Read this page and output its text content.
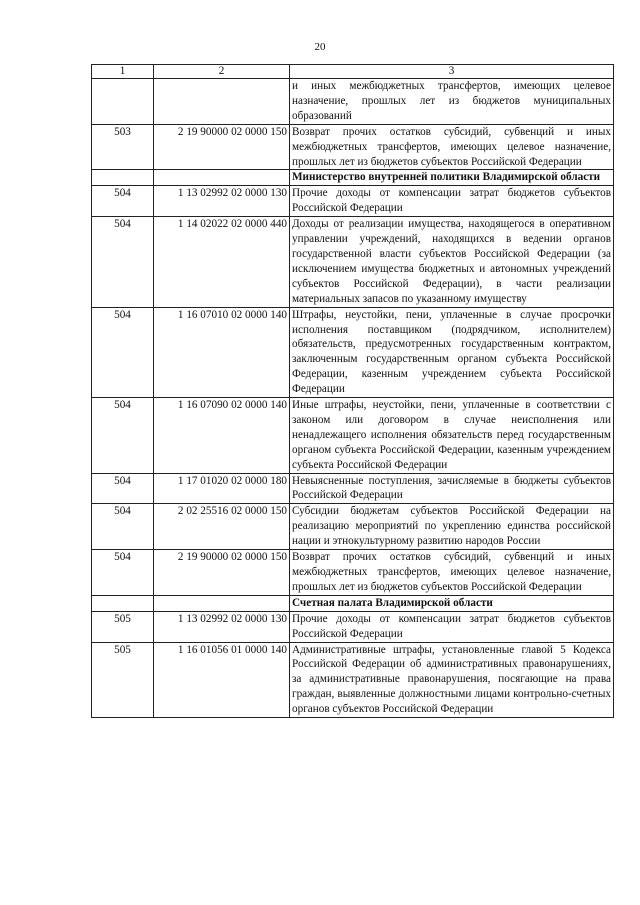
20
1	2	3
		и иных межбюджетных трансфертов, имеющих целевое назначение, прошлых лет из бюджетов муниципальных образований
503	2 19 90000 02 0000 150	Возврат прочих остатков субсидий, субвенций и иных межбюджетных трансфертов, имеющих целевое назначение, прошлых лет из бюджетов субъектов Российской Федерации
		Министерство внутренней политики Владимирской области
504	1 13 02992 02 0000 130	Прочие доходы от компенсации затрат бюджетов субъектов Российской Федерации
504	1 14 02022 02 0000 440	Доходы от реализации имущества, находящегося в оперативном управлении учреждений, находящихся в ведении органов государственной власти субъектов Российской Федерации (за исключением имущества бюджетных и автономных учреждений субъектов Российской Федерации), в части реализации материальных запасов по указанному имуществу
504	1 16 07010 02 0000 140	Штрафы, неустойки, пени, уплаченные в случае просрочки исполнения поставщиком (подрядчиком, исполнителем) обязательств, предусмотренных государственным контрактом, заключенным государственным органом субъекта Российской Федерации, казенным учреждением субъекта Российской Федерации
504	1 16 07090 02 0000 140	Иные штрафы, неустойки, пени, уплаченные в соответствии с законом или договором в случае неисполнения или ненадлежащего исполнения обязательств перед государственным органом субъекта Российской Федерации, казенным учреждением субъекта Российской Федерации
504	1 17 01020 02 0000 180	Невыясненные поступления, зачисляемые в бюджеты субъектов Российской Федерации
504	2 02 25516 02 0000 150	Субсидии бюджетам субъектов Российской Федерации на реализацию мероприятий по укреплению единства российской нации и этнокультурному развитию народов России
504	2 19 90000 02 0000 150	Возврат прочих остатков субсидий, субвенций и иных межбюджетных трансфертов, имеющих целевое назначение, прошлых лет из бюджетов субъектов Российской Федерации
		Счетная палата Владимирской области
505	1 13 02992 02 0000 130	Прочие доходы от компенсации затрат бюджетов субъектов Российской Федерации
505	1 16 01056 01 0000 140	Административные штрафы, установленные главой 5 Кодекса Российской Федерации об административных правонарушениях, за административные правонарушения, посягающие на права граждан, выявленные должностными лицами контрольно-счетных органов субъектов Российской Федерации
